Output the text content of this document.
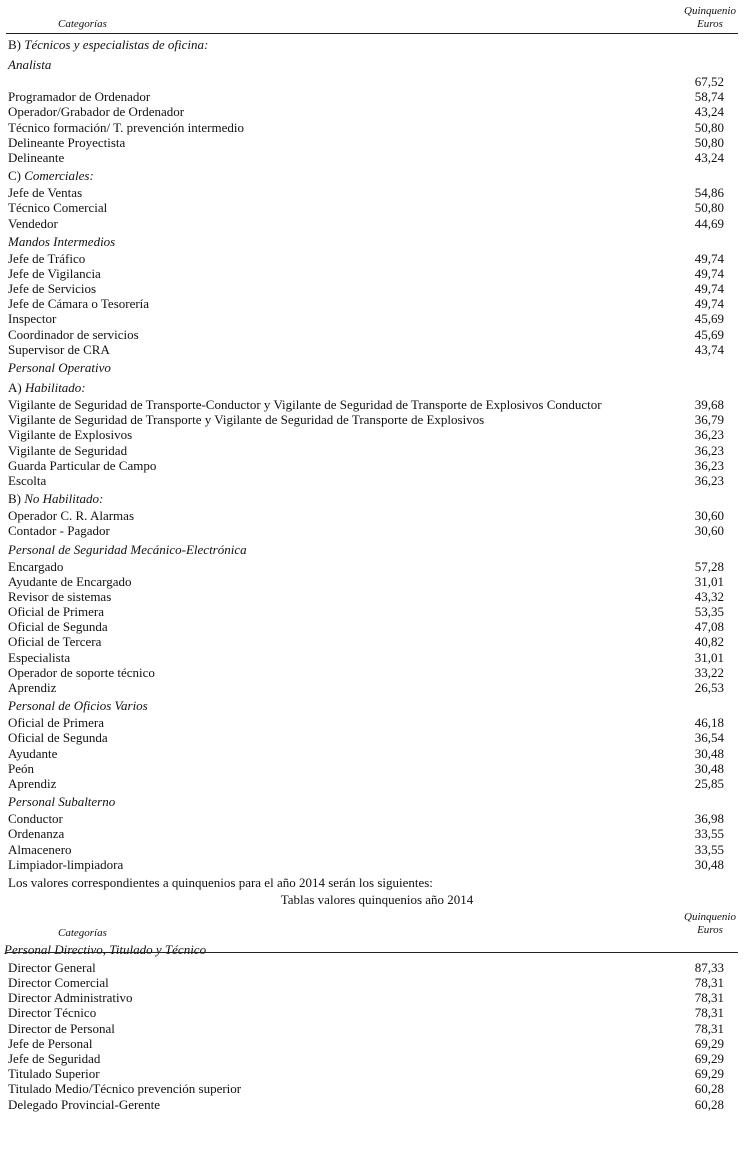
Categorías
Quinquenio
Euros
B) Técnicos y especialistas de oficina:
Analista
67,52
Programador de Ordenador	58,74
Operador/Grabador de Ordenador	43,24
Técnico formación/ T. prevención intermedio	50,80
Delineante Proyectista	50,80
Delineante	43,24
C) Comerciales:
Jefe de Ventas	54,86
Técnico Comercial	50,80
Vendedor	44,69
Mandos Intermedios
Jefe de Tráfico	49,74
Jefe de Vigilancia	49,74
Jefe de Servicios	49,74
Jefe de Cámara o Tesorería	49,74
Inspector	45,69
Coordinador de servicios	45,69
Supervisor de CRA	43,74
Personal Operativo
A) Habilitado:
Vigilante de Seguridad de Transporte-Conductor y Vigilante de Seguridad de Transporte de Explosivos Conductor	39,68
Vigilante de Seguridad de Transporte y Vigilante de Seguridad de Transporte de Explosivos	36,79
Vigilante de Explosivos	36,23
Vigilante de Seguridad	36,23
Guarda Particular de Campo	36,23
Escolta	36,23
B) No Habilitado:
Operador C. R. Alarmas	30,60
Contador - Pagador	30,60
Personal de Seguridad Mecánico-Electrónica
Encargado	57,28
Ayudante de Encargado	31,01
Revisor de sistemas	43,32
Oficial de Primera	53,35
Oficial de Segunda	47,08
Oficial de Tercera	40,82
Especialista	31,01
Operador de soporte técnico	33,22
Aprendiz	26,53
Personal de Oficios Varios
Oficial de Primera	46,18
Oficial de Segunda	36,54
Ayudante	30,48
Peón	30,48
Aprendiz	25,85
Personal Subalterno
Conductor	36,98
Ordenanza	33,55
Almacenero	33,55
Limpiador-limpiadora	30,48
Los valores correspondientes a quinquenios para el año 2014 serán los siguientes:
Tablas valores quinquenios año 2014
Categorías
Quinquenio
Euros
Personal Directivo, Titulado y Técnico
Director General	87,33
Director Comercial	78,31
Director Administrativo	78,31
Director Técnico	78,31
Director de Personal	78,31
Jefe de Personal	69,29
Jefe de Seguridad	69,29
Titulado Superior	69,29
Titulado Medio/Técnico prevención superior	60,28
Delegado Provincial-Gerente	60,28
